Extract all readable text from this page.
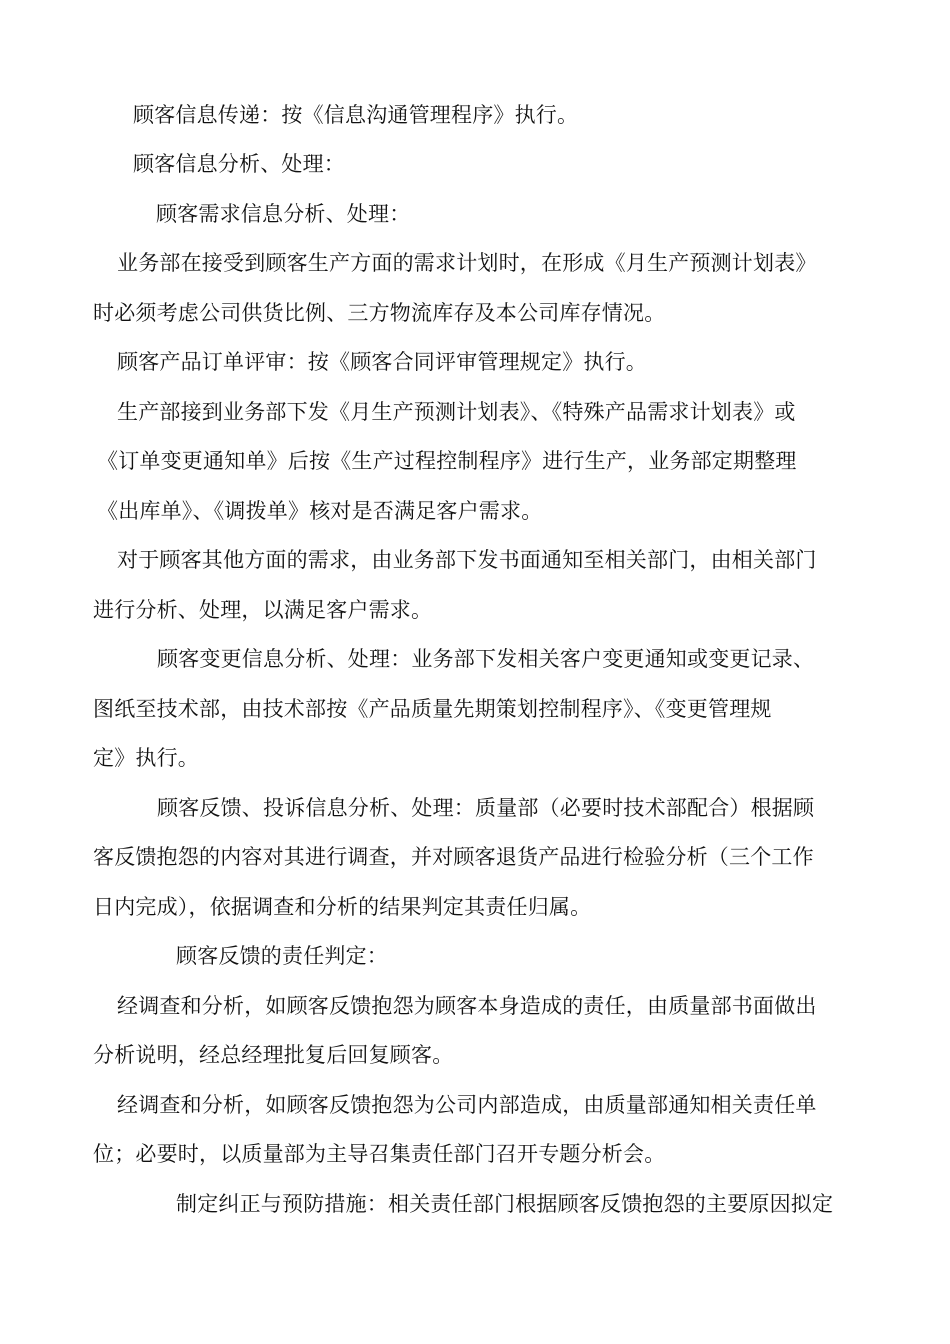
顾客信息传递：按《信息沟通管理程序》执行。
顾客信息分析、处理：
顾客需求信息分析、处理：
业务部在接受到顾客生产方面的需求计划时，在形成《月生产预测计划表》
时必须考虑公司供货比例、三方物流库存及本公司库存情况。
顾客产品订单评审：按《顾客合同评审管理规定》执行。
生产部接到业务部下发《月生产预测计划表》、《特殊产品需求计划表》或
《订单变更通知单》后按《生产过程控制程序》进行生产，业务部定期整理
《出库单》、《调拨单》核对是否满足客户需求。
对于顾客其他方面的需求，由业务部下发书面通知至相关部门，由相关部门
进行分析、处理，以满足客户需求。
顾客变更信息分析、处理：业务部下发相关客户变更通知或变更记录、
图纸至技术部，由技术部按《产品质量先期策划控制程序》、《变更管理规
定》执行。
顾客反馈、投诉信息分析、处理：质量部（必要时技术部配合）根据顾
客反馈抱怨的内容对其进行调查，并对顾客退货产品进行检验分析（三个工作
日内完成），依据调查和分析的结果判定其责任归属。
顾客反馈的责任判定：
经调查和分析，如顾客反馈抱怨为顾客本身造成的责任，由质量部书面做出
分析说明，经总经理批复后回复顾客。
经调查和分析，如顾客反馈抱怨为公司内部造成，由质量部通知相关责任单
位；必要时，以质量部为主导召集责任部门召开专题分析会。
制定纠正与预防措施：相关责任部门根据顾客反馈抱怨的主要原因拟定
